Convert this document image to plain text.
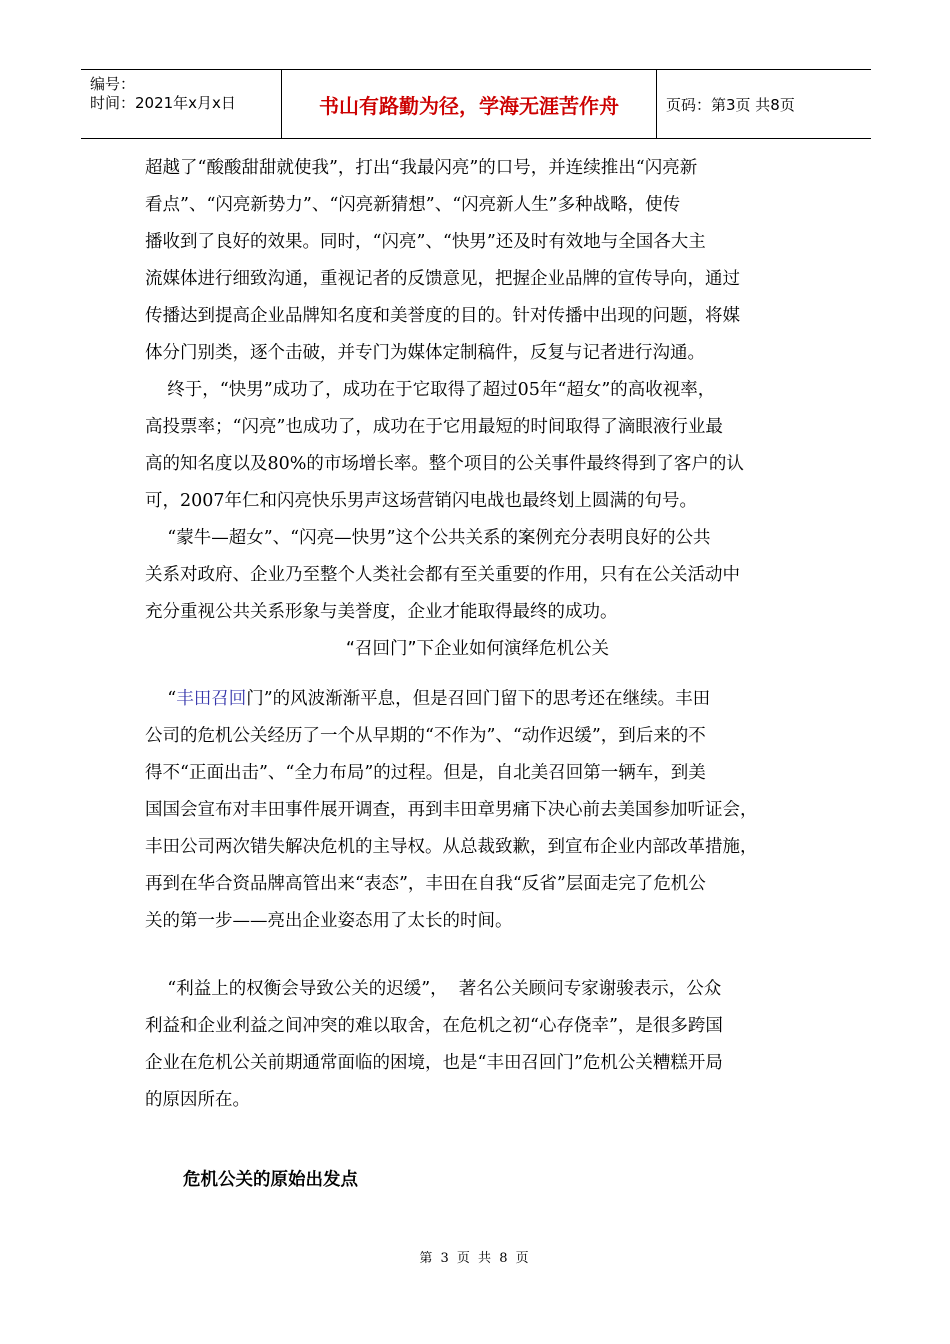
编号：
时间：2021年x月x日	书山有路勤为径，学海无涯苦作舟	页码：第3页 共8页

超越了“酸酸甜甜就使我”，打出“我最闪亮”的口号，并连续推出“闪亮新
看点”、“闪亮新势力”、“闪亮新猜想”、“闪亮新人生”多种战略，使传
播收到了良好的效果。同时，“闪亮”、“快男”还及时有效地与全国各大主
流媒体进行细致沟通，重视记者的反馈意见，把握企业品牌的宣传导向，通过
传播达到提高企业品牌知名度和美誉度的目的。针对传播中出现的问题，将媒
体分门别类，逐个击破，并专门为媒体定制稿件，反复与记者进行沟通。

终于，“快男”成功了，成功在于它取得了超过05年“超女”的高收视率，
高投票率；“闪亮”也成功了，成功在于它用最短的时间取得了滴眼液行业最
高的知名度以及80%的市场增长率。整个项目的公关事件最终得到了客户的认
可，2007年仁和闪亮快乐男声这场营销闪电战也最终划上圆满的句号。

“蒙牛—超女”、“闪亮—快男”这个公共关系的案例充分表明良好的公共
关系对政府、企业乃至整个人类社会都有至关重要的作用，只有在公关活动中
充分重视公共关系形象与美誉度，企业才能取得最终的成功。

“召回门”下企业如何演绎危机公关

“丰田召回门”的风波渐渐平息，但是召回门留下的思考还在继续。丰田
公司的危机公关经历了一个从早期的“不作为”、“动作迟缓”，到后来的不
得不“正面出击”、“全力布局”的过程。但是，自北美召回第一辆车，到美
国国会宣布对丰田事件展开调查，再到丰田章男痛下决心前去美国参加听证会，
丰田公司两次错失解决危机的主导权。从总裁致歉，到宣布企业内部改革措施，
再到在华合资品牌高管出来“表态”，丰田在自我“反省”层面走完了危机公
关的第一步——亮出企业姿态用了太长的时间。

“利益上的权衡会导致公关的迟缓”，  著名公关顾问专家谢骏表示，公众
利益和企业利益之间冲突的难以取舍，在危机之初“心存侥幸”，是很多跨国
企业在危机公关前期通常面临的困境，也是“丰田召回门”危机公关糟糕开局
的原因所在。

危机公关的原始出发点
第 3 页 共 8 页
